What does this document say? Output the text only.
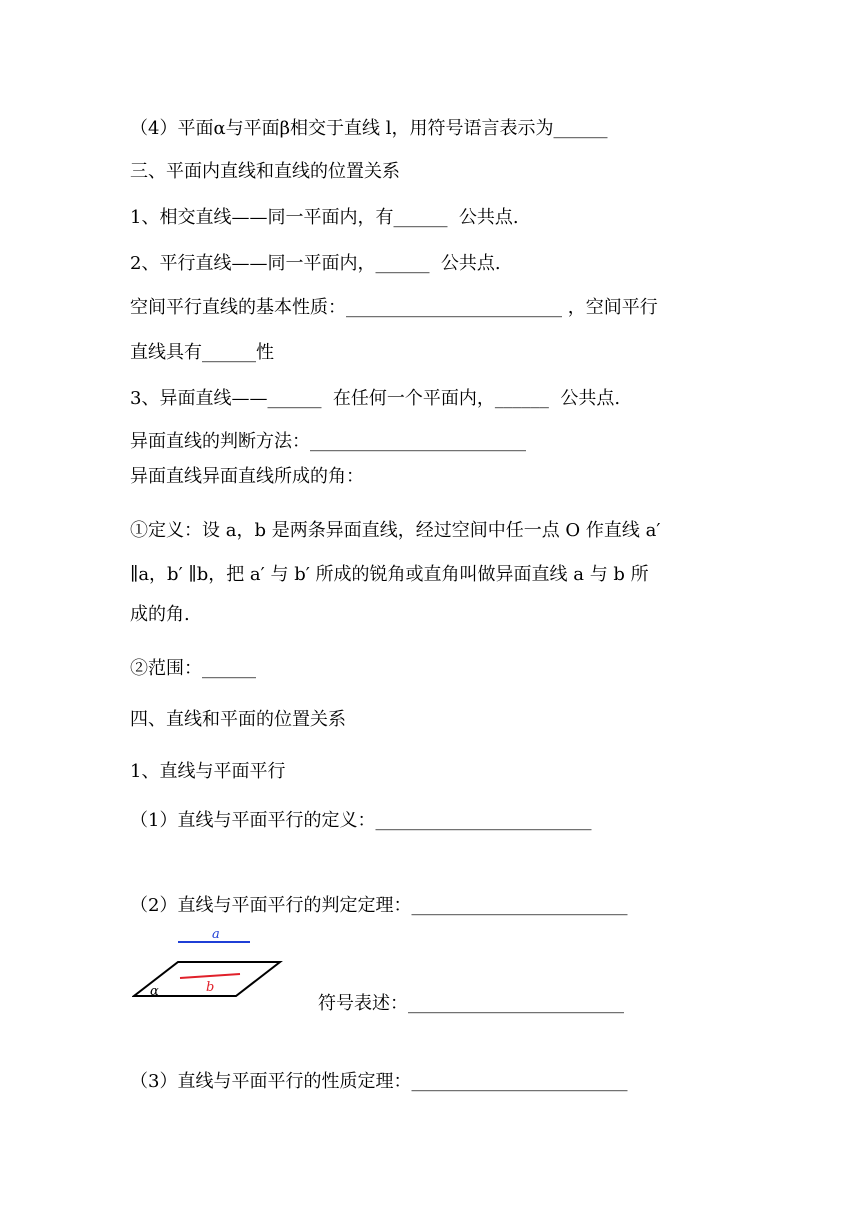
（4）平面α与平面β相交于直线 l，用符号语言表示为______
三、平面内直线和直线的位置关系
1、相交直线——同一平面内，有______  公共点.
2、平行直线——同一平面内，______  公共点.
空间平行直线的基本性质：________________________ ，空间平行
直线具有______性
3、异面直线——______  在任何一个平面内，______  公共点.
异面直线的判断方法：________________________
异面直线异面直线所成的角：
①定义：设 a，b 是两条异面直线，经过空间中任一点 O 作直线 a′
∥a，b′ ∥b，把 a′ 与 b′ 所成的锐角或直角叫做异面直线 a 与 b 所
成的角.
②范围：______
四、直线和平面的位置关系
1、直线与平面平行
（1）直线与平面平行的定义：________________________
（2）直线与平面平行的判定定理：________________________
a
b
α
符号表述：________________________
（3）直线与平面平行的性质定理：________________________
